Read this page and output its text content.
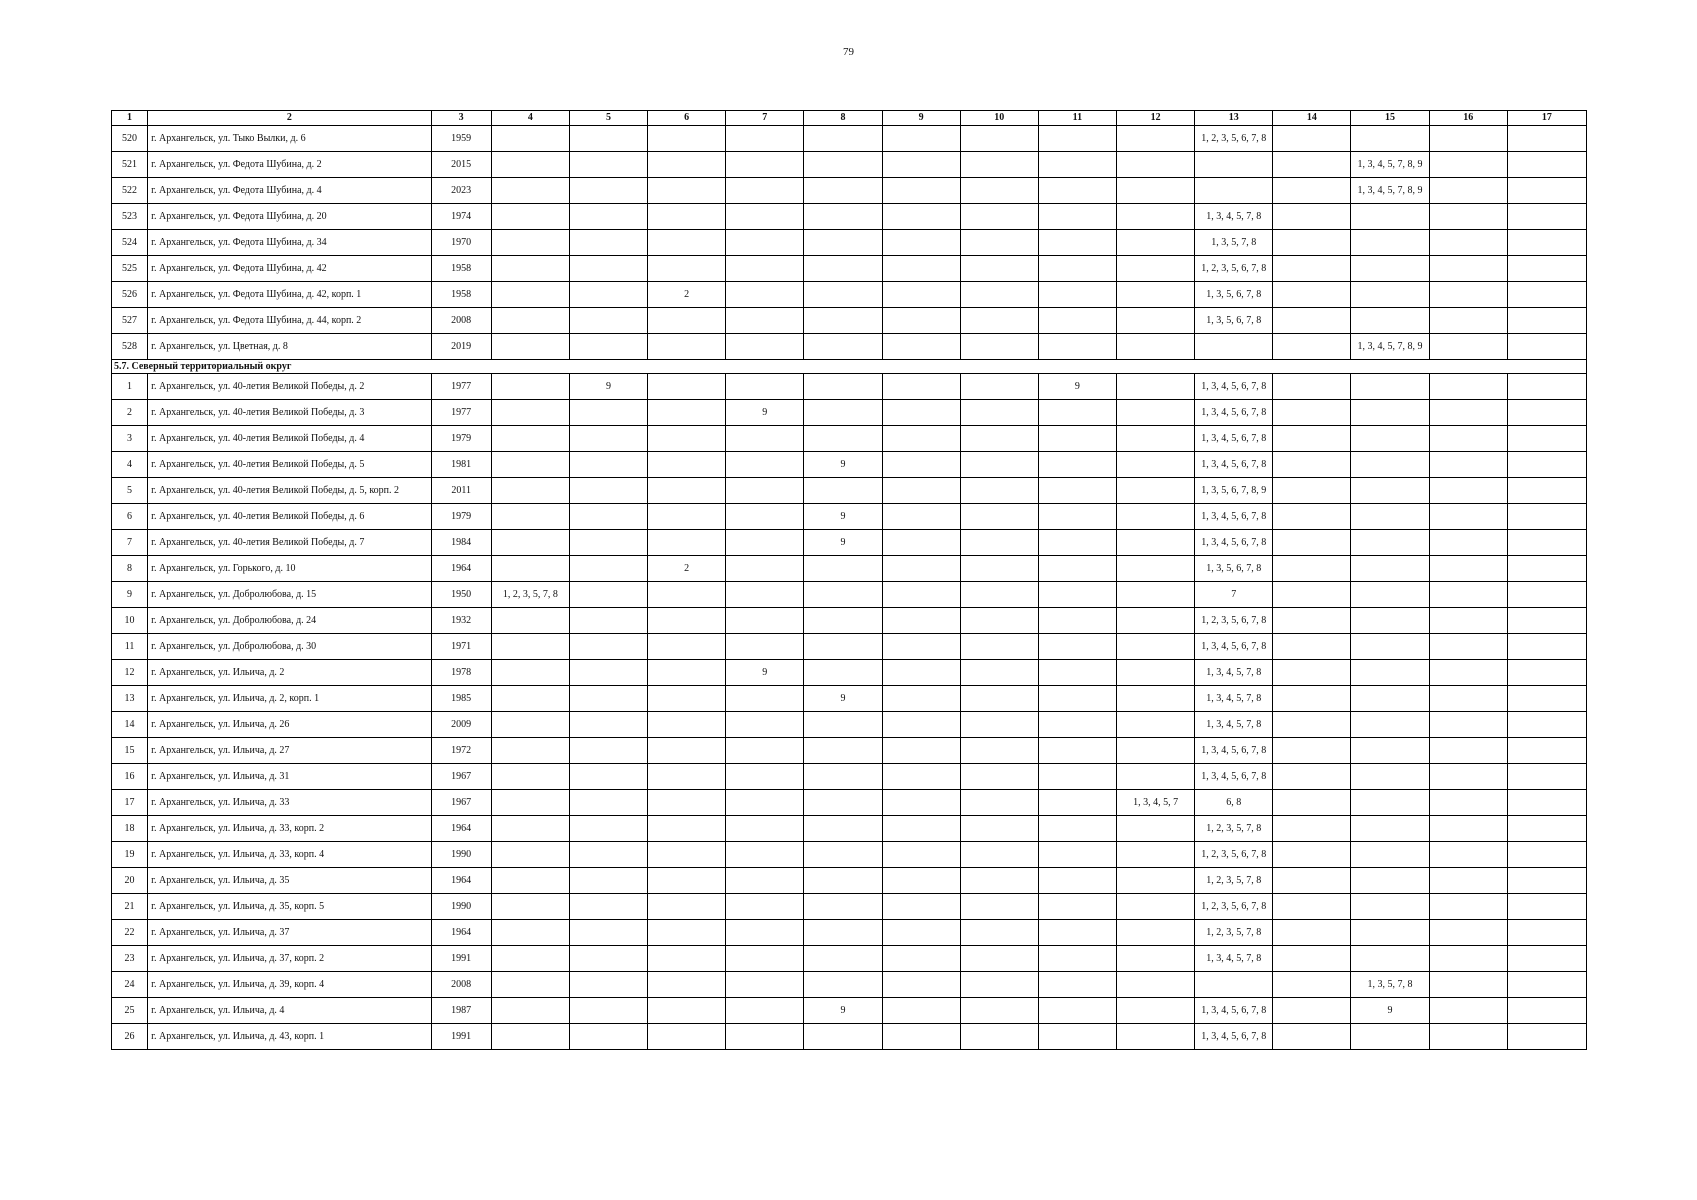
79
1	2	3	4	5	6	7	8	9	10	11	12	13	14	15	16	17
520	г. Архангельск, ул. Тыко Вылки, д. 6	1959										1, 2, 3, 5, 6, 7, 8				
521	г. Архангельск, ул. Федота Шубина, д. 2	2015												1, 3, 4, 5, 7, 8, 9		
522	г. Архангельск, ул. Федота Шубина, д. 4	2023												1, 3, 4, 5, 7, 8, 9		
523	г. Архангельск, ул. Федота Шубина, д. 20	1974										1, 3, 4, 5, 7, 8				
524	г. Архангельск, ул. Федота Шубина, д. 34	1970										1, 3, 5, 7, 8				
525	г. Архангельск, ул. Федота Шубина, д. 42	1958										1, 2, 3, 5, 6, 7, 8				
526	г. Архангельск, ул. Федота Шубина, д. 42, корп. 1	1958			2							1, 3, 5, 6, 7, 8				
527	г. Архангельск, ул. Федота Шубина, д. 44, корп. 2	2008										1, 3, 5, 6, 7, 8				
528	г. Архангельск, ул. Цветная, д. 8	2019												1, 3, 4, 5, 7, 8, 9		
5.7. Северный территориальный округ																
1	г. Архангельск, ул. 40-летия Великой Победы, д. 2	1977		9						9		1, 3, 4, 5, 6, 7, 8				
2	г. Архангельск, ул. 40-летия Великой Победы, д. 3	1977				9						1, 3, 4, 5, 6, 7, 8				
3	г. Архангельск, ул. 40-летия Великой Победы, д. 4	1979										1, 3, 4, 5, 6, 7, 8				
4	г. Архангельск, ул. 40-летия Великой Победы, д. 5	1981					9					1, 3, 4, 5, 6, 7, 8				
5	г. Архангельск, ул. 40-летия Великой Победы, д. 5, корп. 2	2011										1, 3, 5, 6, 7, 8, 9				
6	г. Архангельск, ул. 40-летия Великой Победы, д. 6	1979					9					1, 3, 4, 5, 6, 7, 8				
7	г. Архангельск, ул. 40-летия Великой Победы, д. 7	1984					9					1, 3, 4, 5, 6, 7, 8				
8	г. Архангельск, ул. Горького, д. 10	1964			2							1, 3, 5, 6, 7, 8				
9	г. Архангельск, ул. Добролюбова, д. 15	1950	1, 2, 3, 5, 7, 8									7				
10	г. Архангельск, ул. Добролюбова, д. 24	1932										1, 2, 3, 5, 6, 7, 8				
11	г. Архангельск, ул. Добролюбова, д. 30	1971										1, 3, 4, 5, 6, 7, 8				
12	г. Архангельск, ул. Ильича, д. 2	1978				9						1, 3, 4, 5, 7, 8				
13	г. Архангельск, ул. Ильича, д. 2, корп. 1	1985					9					1, 3, 4, 5, 7, 8				
14	г. Архангельск, ул. Ильича, д. 26	2009										1, 3, 4, 5, 7, 8				
15	г. Архангельск, ул. Ильича, д. 27	1972										1, 3, 4, 5, 6, 7, 8				
16	г. Архангельск, ул. Ильича, д. 31	1967										1, 3, 4, 5, 6, 7, 8				
17	г. Архангельск, ул. Ильича, д. 33	1967									1, 3, 4, 5, 7	6, 8				
18	г. Архангельск, ул. Ильича, д. 33, корп. 2	1964										1, 2, 3, 5, 7, 8				
19	г. Архангельск, ул. Ильича, д. 33, корп. 4	1990										1, 2, 3, 5, 6, 7, 8				
20	г. Архангельск, ул. Ильича, д. 35	1964										1, 2, 3, 5, 7, 8				
21	г. Архангельск, ул. Ильича, д. 35, корп. 5	1990										1, 2, 3, 5, 6, 7, 8				
22	г. Архангельск, ул. Ильича, д. 37	1964										1, 2, 3, 5, 7, 8				
23	г. Архангельск, ул. Ильича, д. 37, корп. 2	1991										1, 3, 4, 5, 7, 8				
24	г. Архангельск, ул. Ильича, д. 39, корп. 4	2008												1, 3, 5, 7, 8		
25	г. Архангельск, ул. Ильича, д. 4	1987					9					1, 3, 4, 5, 6, 7, 8		9		
26	г. Архангельск, ул. Ильича, д. 43, корп. 1	1991										1, 3, 4, 5, 6, 7, 8				
